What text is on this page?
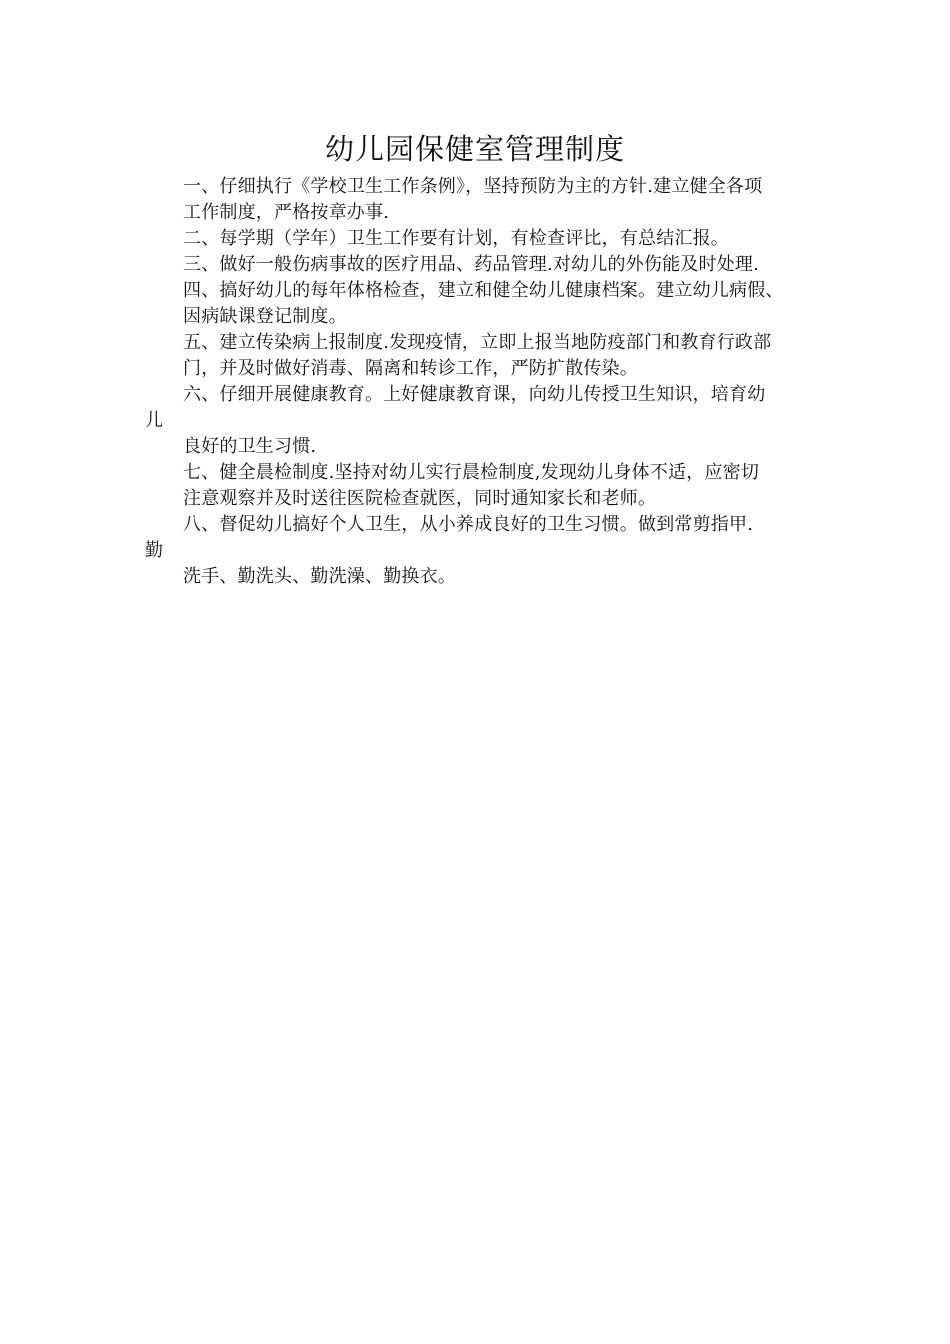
幼儿园保健室管理制度
一、仔细执行《学校卫生工作条例》，坚持预防为主的方针.建立健全各项
工作制度，严格按章办事.
二、每学期（学年）卫生工作要有计划，有检查评比，有总结汇报。
三、做好一般伤病事故的医疗用品、药品管理.对幼儿的外伤能及时处理.
四、搞好幼儿的每年体格检查，建立和健全幼儿健康档案。建立幼儿病假、
因病缺课登记制度。
五、建立传染病上报制度.发现疫情，立即上报当地防疫部门和教育行政部
门，并及时做好消毒、隔离和转诊工作，严防扩散传染。
六、仔细开展健康教育。上好健康教育课，向幼儿传授卫生知识，培育幼
儿
良好的卫生习惯.
七、健全晨检制度.坚持对幼儿实行晨检制度,发现幼儿身体不适，应密切
注意观察并及时送往医院检查就医，同时通知家长和老师。
八、督促幼儿搞好个人卫生，从小养成良好的卫生习惯。做到常剪指甲.
勤
洗手、勤洗头、勤洗澡、勤换衣。
